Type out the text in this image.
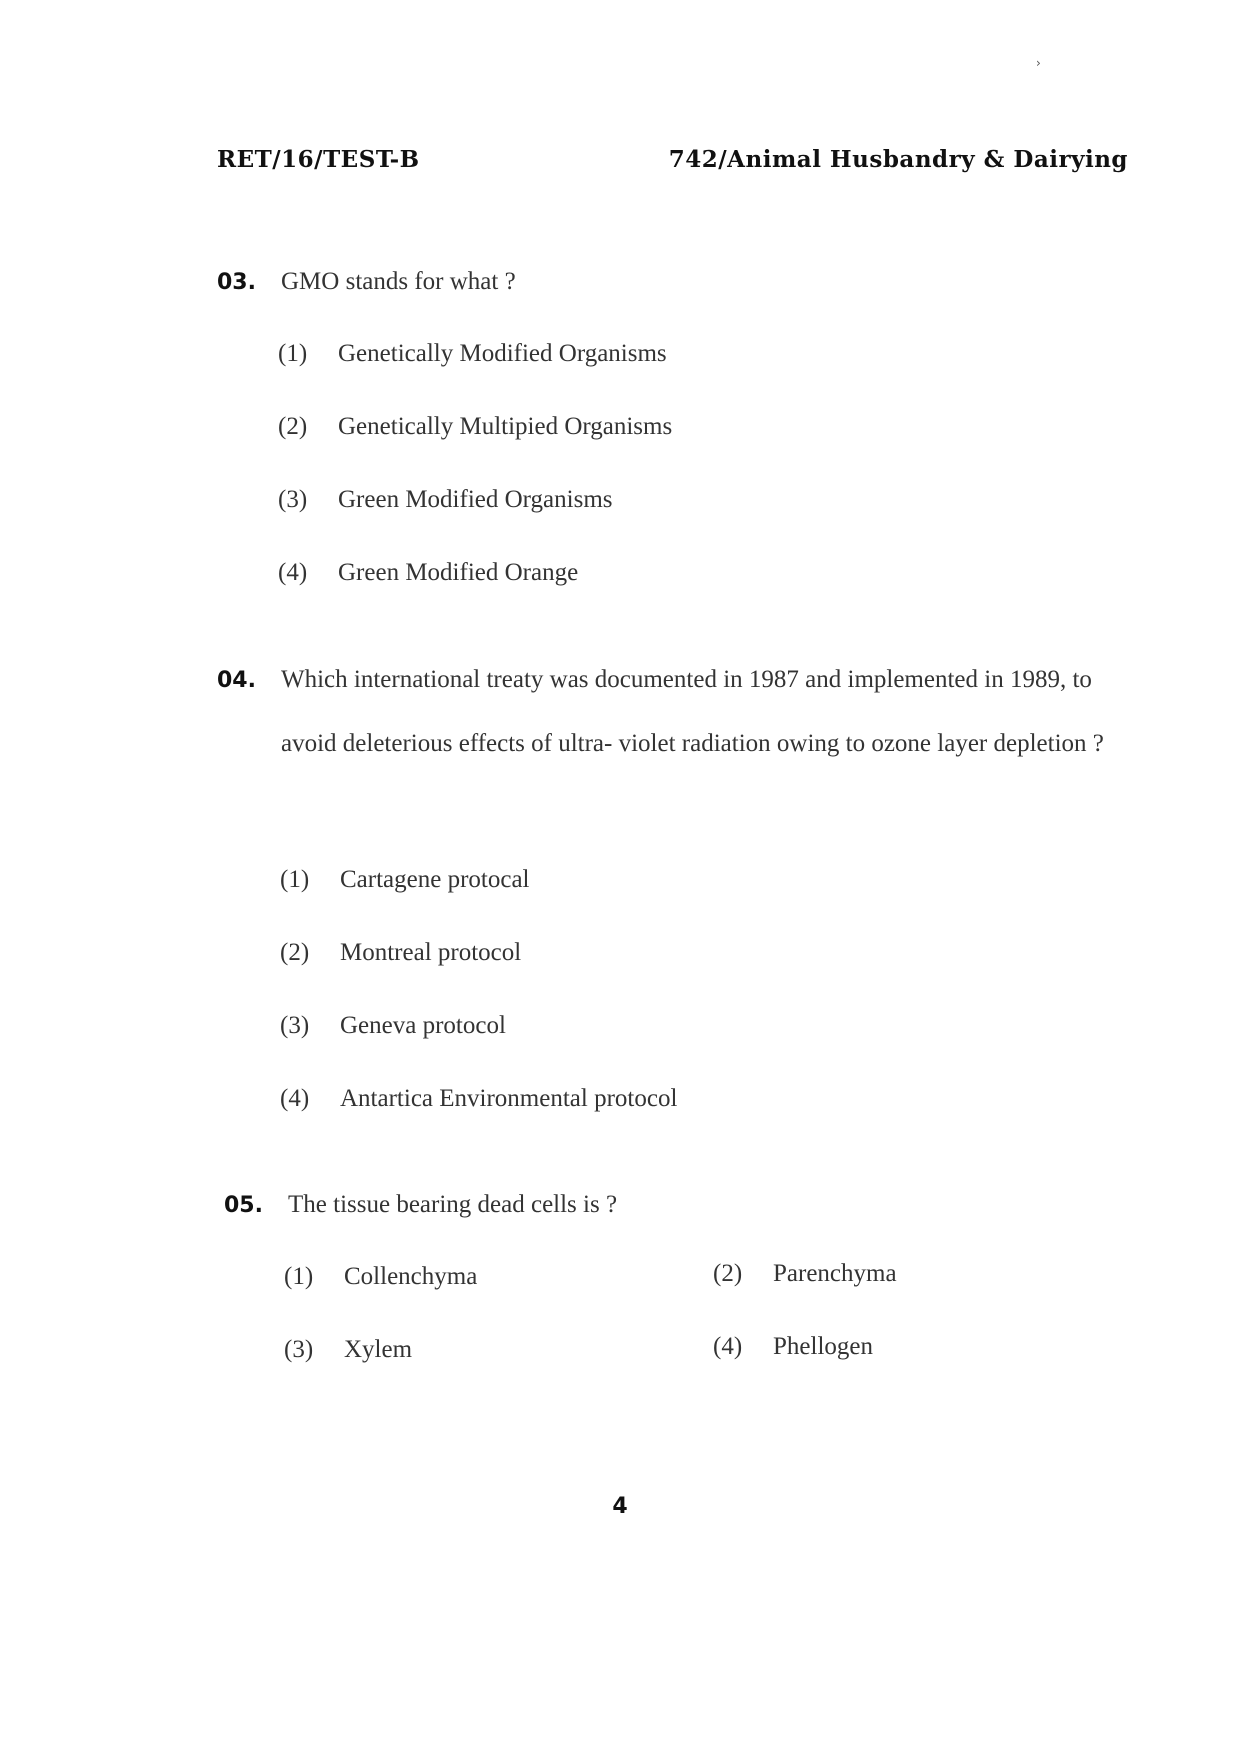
›
RET/16/TEST-B	742/Animal Husbandry & Dairying
03. GMO stands for what ?
(1) Genetically Modified Organisms
(2) Genetically Multipied Organisms
(3) Green Modified Organisms
(4) Green Modified Orange
04. Which international treaty was documented in 1987 and implemented in 1989, to avoid deleterious effects of ultra- violet radiation owing to ozone layer depletion ?
(1) Cartagene protocal
(2) Montreal protocol
(3) Geneva protocol
(4) Antartica Environmental protocol
05. The tissue bearing dead cells is ?
(1) Collenchyma	(2) Parenchyma
(3) Xylem	(4) Phellogen
4
